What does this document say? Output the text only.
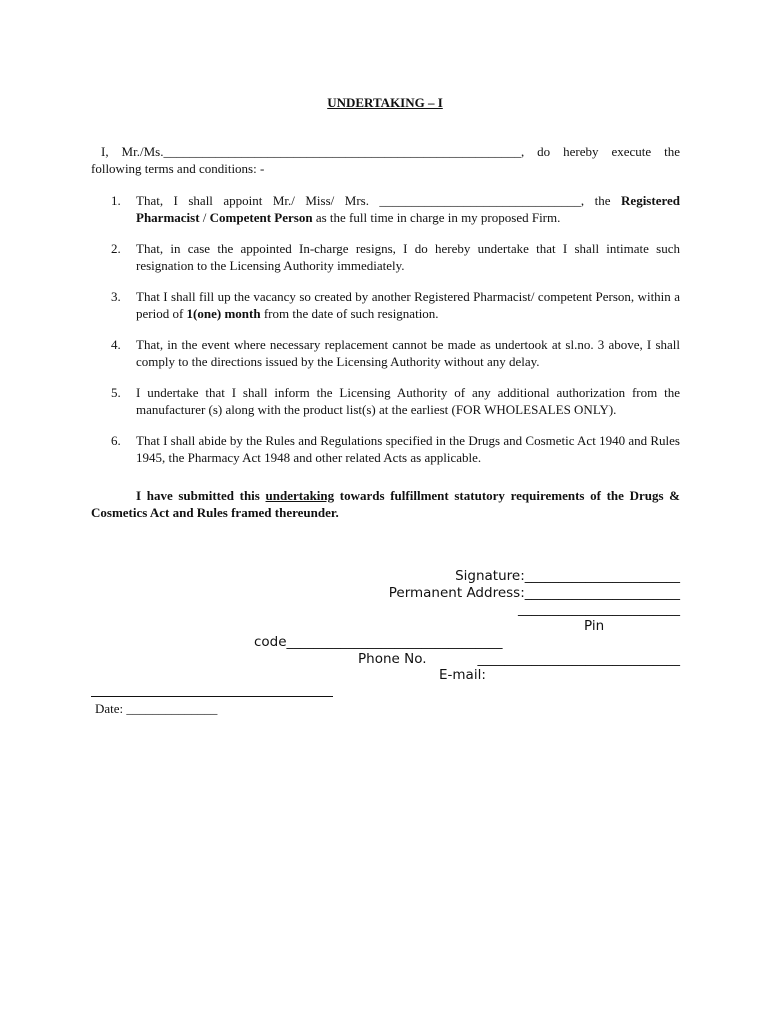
UNDERTAKING – I
I, Mr./Ms._______________________________________________________, do hereby execute the
following terms and conditions: -
1. That, I shall appoint Mr./ Miss/ Mrs. _______________________________, the Registered Pharmacist / Competent Person as the full time in charge in my proposed Firm.
2. That, in case the appointed In-charge resigns, I do hereby undertake that I shall intimate such resignation to the Licensing Authority immediately.
3. That I shall fill up the vacancy so created by another Registered Pharmacist/ competent Person, within a period of 1(one) month from the date of such resignation.
4. That, in the event where necessary replacement cannot be made as undertook at sl.no. 3 above, I shall comply to the directions issued by the Licensing Authority without any delay.
5. I undertake that I shall inform the Licensing Authority of any additional authorization from the manufacturer (s) along with the product list(s) at the earliest (FOR WHOLESALES ONLY).
6. That I shall abide by the Rules and Regulations specified in the Drugs and Cosmetic Act 1940 and Rules 1945, the Pharmacy Act 1948 and other related Acts as applicable.
I have submitted this undertaking towards fulfillment statutory requirements of the Drugs & Cosmetics Act and Rules framed thereunder.
Signature:_______________________
Permanent Address:_______________________
________________________
Pin
code________________________________
Phone No.	______________________________
E-mail:
Date: ______________
